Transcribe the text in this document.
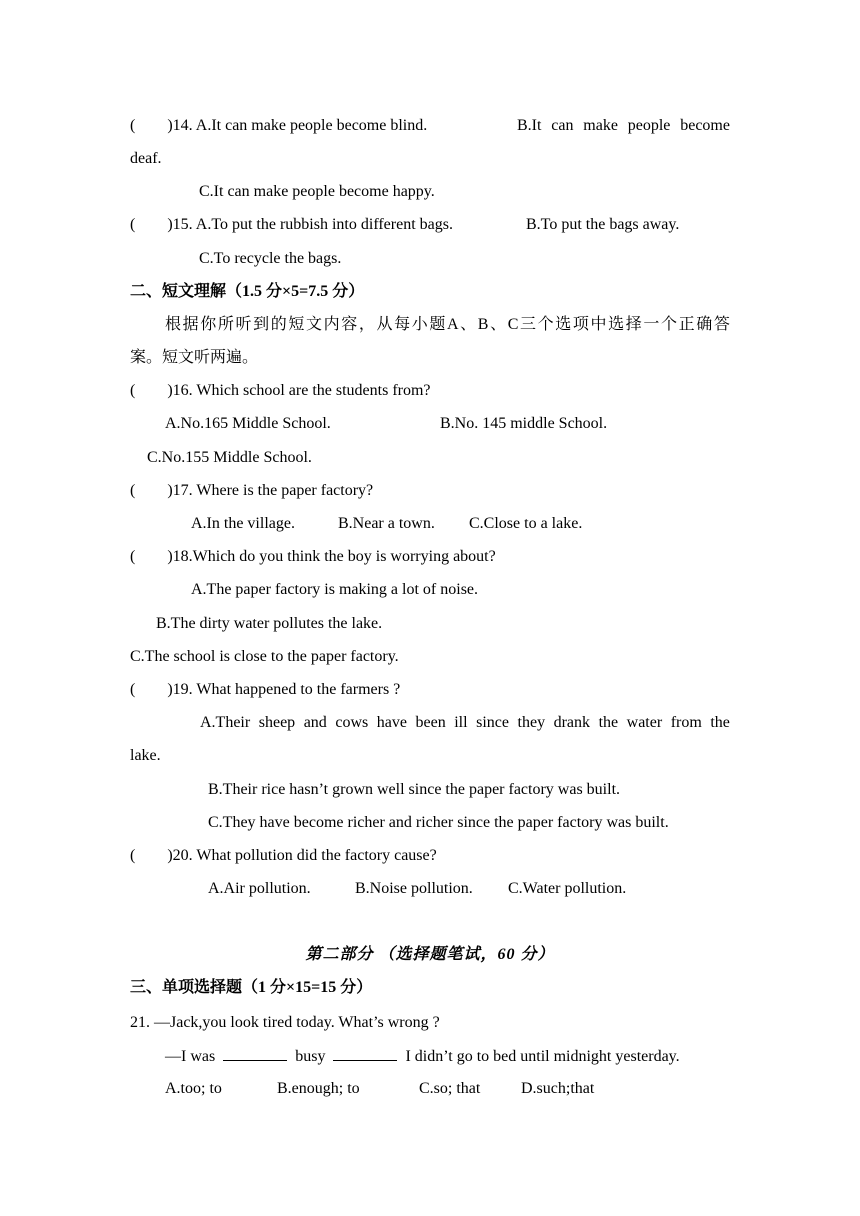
(        )14. A.It can make people become blind.	B.It can make people become
deaf.
C.It can make people become happy.
(        )15. A.To put the rubbish into different bags.	B.To put the bags away.
C.To recycle the bags.
二、短文理解（1.5 分×5=7.5 分）
根 据 你 所 听 到 的 短 文 内 容 ， 从 每 小 题 A 、 B 、 C 三 个 选 项 中 选 择 一 个 正 确 答
案。短文听两遍。
(        )16. Which school are the students from?
A.No.165 Middle School.	B.No. 145 middle School.
C.No.155 Middle School.
(        )17. Where is the paper factory?
A.In the village.	B.Near a town. C.Close to a lake.
(        )18.Which do you think the boy is worrying about?
A.The paper factory is making a lot of noise.
B.The dirty water pollutes the lake.
C.The school is close to the paper factory.
(        )19. What happened to the farmers ?
A.Their sheep and cows have been ill since they drank the water from the
lake.
B.Their rice hasn’t grown well since the paper factory was built.
C.They have become richer and richer since the paper factory was built.
(        )20. What pollution did the factory cause?
A.Air pollution.	B.Noise pollution. C.Water pollution.
第二部分 （选择题笔试，60 分）
三、单项选择题（1 分×15=15 分）
21. —Jack,you look tired today. What’s wrong ?
—I was	busy	I didn’t go to bed until midnight yesterday.
A.too; to	B.enough; to	C.so; that	D.such;that
